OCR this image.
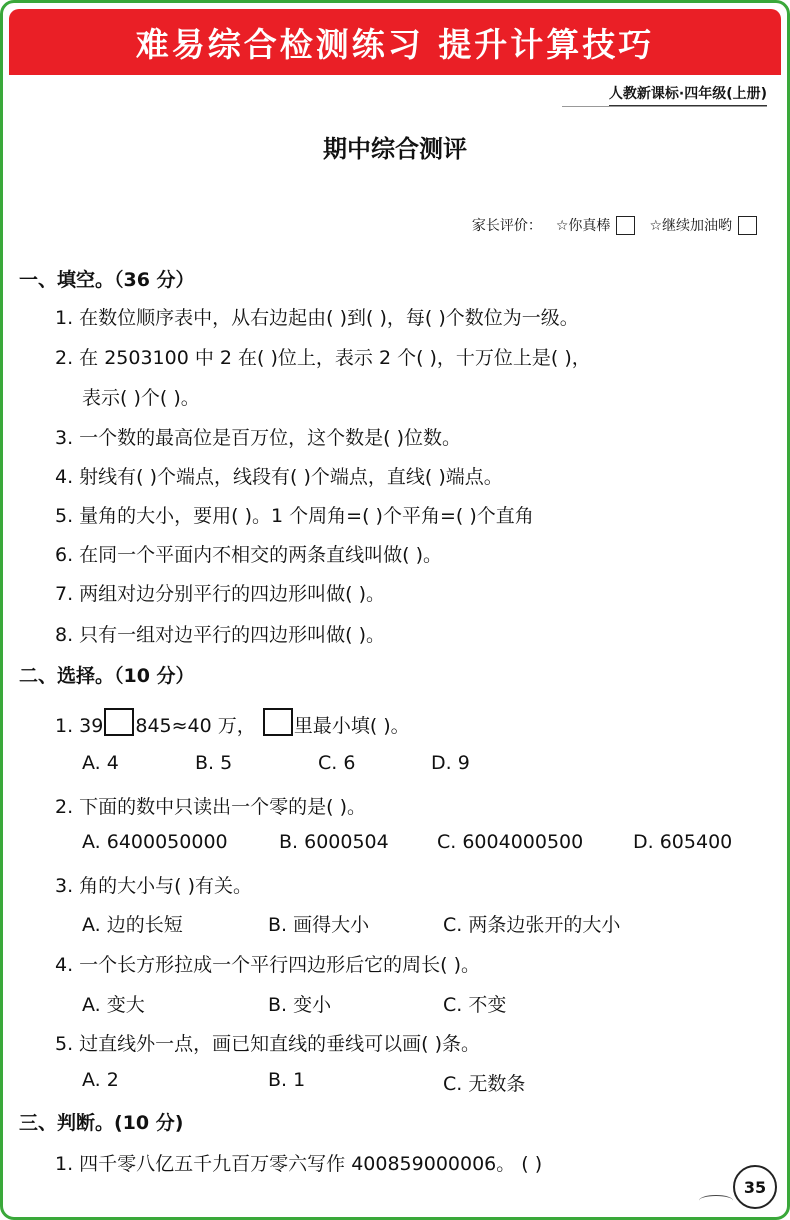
难易综合检测练习 提升计算技巧
人教新课标·四年级(上册)
期中综合测评
家长评价： ☆你真棒	☆继续加油哟
一、填空。（36 分）
1. 在数位顺序表中，从右边起由( )到( )，每( )个数位为一级。
2. 在 2503100 中 2 在( )位上，表示 2 个( )，十万位上是( )，
表示( )个( )。
3. 一个数的最高位是百万位，这个数是( )位数。
4. 射线有( )个端点，线段有( )个端点，直线( )端点。
5. 量角的大小，要用( )。1 个周角=( )个平角=( )个直角
6. 在同一个平面内不相交的两条直线叫做( )。
7. 两组对边分别平行的四边形叫做( )。
8. 只有一组对边平行的四边形叫做( )。
二、选择。（10 分）
1. 39 845≈40 万， 里最小填( )。
A. 4	B. 5	C. 6	D. 9
2. 下面的数中只读出一个零的是( )。
A. 6400050000	B. 6000504	C. 6004000500	D. 605400
3. 角的大小与( )有关。
A. 边的长短	B. 画得大小	C. 两条边张开的大小
4. 一个长方形拉成一个平行四边形后它的周长( )。
A. 变大	B. 变小	C. 不变
5. 过直线外一点，画已知直线的垂线可以画( )条。
A. 2	B. 1	C. 无数条
三、判断。(10 分)
1. 四千零八亿五千九百万零六写作 400859000006。 ( )
35
